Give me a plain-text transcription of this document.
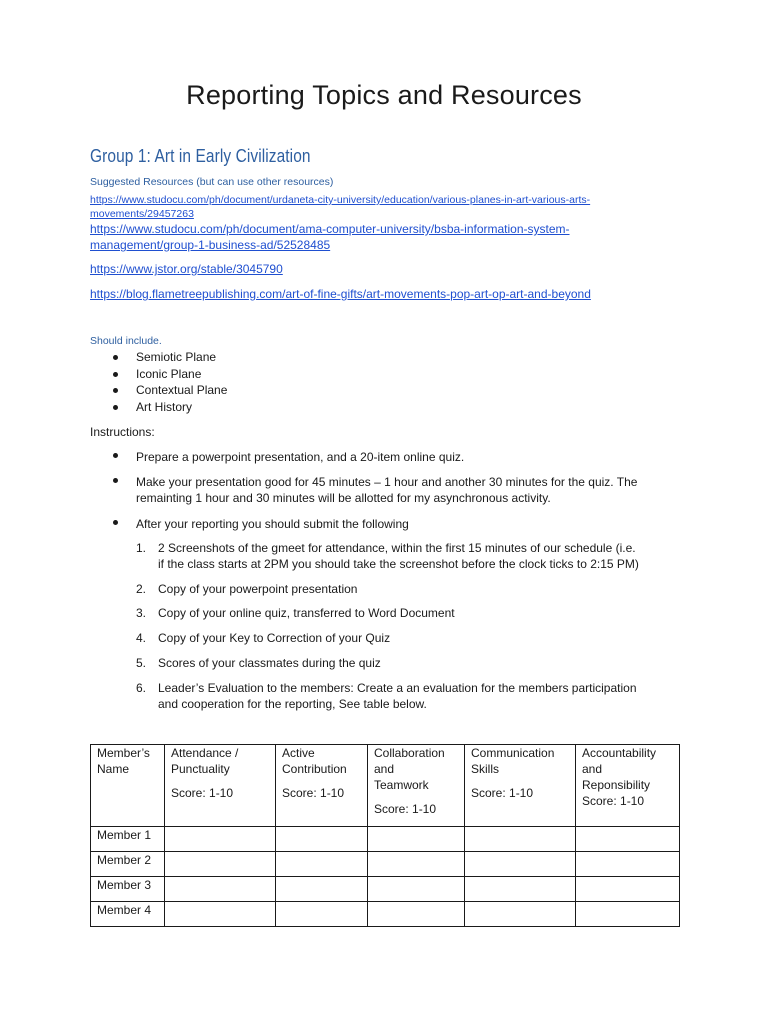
Reporting Topics and Resources
Group 1: Art in Early Civilization
Suggested Resources (but can use other resources)
https://www.studocu.com/ph/document/urdaneta-city-university/education/various-planes-in-art-various-arts-
movements/29457263
https://www.studocu.com/ph/document/ama-computer-university/bsba-information-system-
management/group-1-business-ad/52528485
https://www.jstor.org/stable/3045790
https://blog.flametreepublishing.com/art-of-fine-gifts/art-movements-pop-art-op-art-and-beyond
Should include.
Semiotic Plane
Iconic Plane
Contextual Plane
Art History
Instructions:
Prepare a powerpoint presentation, and a 20-item online quiz.
Make your presentation good for 45 minutes – 1 hour and another 30 minutes for the quiz. The
remainting 1 hour and 30 minutes will be allotted for my asynchronous activity.
After your reporting you should submit the following
1. 2 Screenshots of the gmeet for attendance, within the first 15 minutes of our schedule (i.e.
if the class starts at 2PM you should take the screenshot before the clock ticks to 2:15 PM)
2. Copy of your powerpoint presentation
3. Copy of your online quiz, transferred to Word Document
4. Copy of your Key to Correction of your Quiz
5. Scores of your classmates during the quiz
6. Leader’s Evaluation to the members: Create a an evaluation for the members participation
and cooperation for the reporting, See table below.
Member’s
Name	Attendance /
Punctuality
Score: 1-10	Active
Contribution
Score: 1-10	Collaboration
and
Teamwork
Score: 1-10	Communication
Skills
Score: 1-10	Accountability
and
Reponsibility
Score: 1-10

Member 1					
Member 2					
Member 3					
Member 4					
